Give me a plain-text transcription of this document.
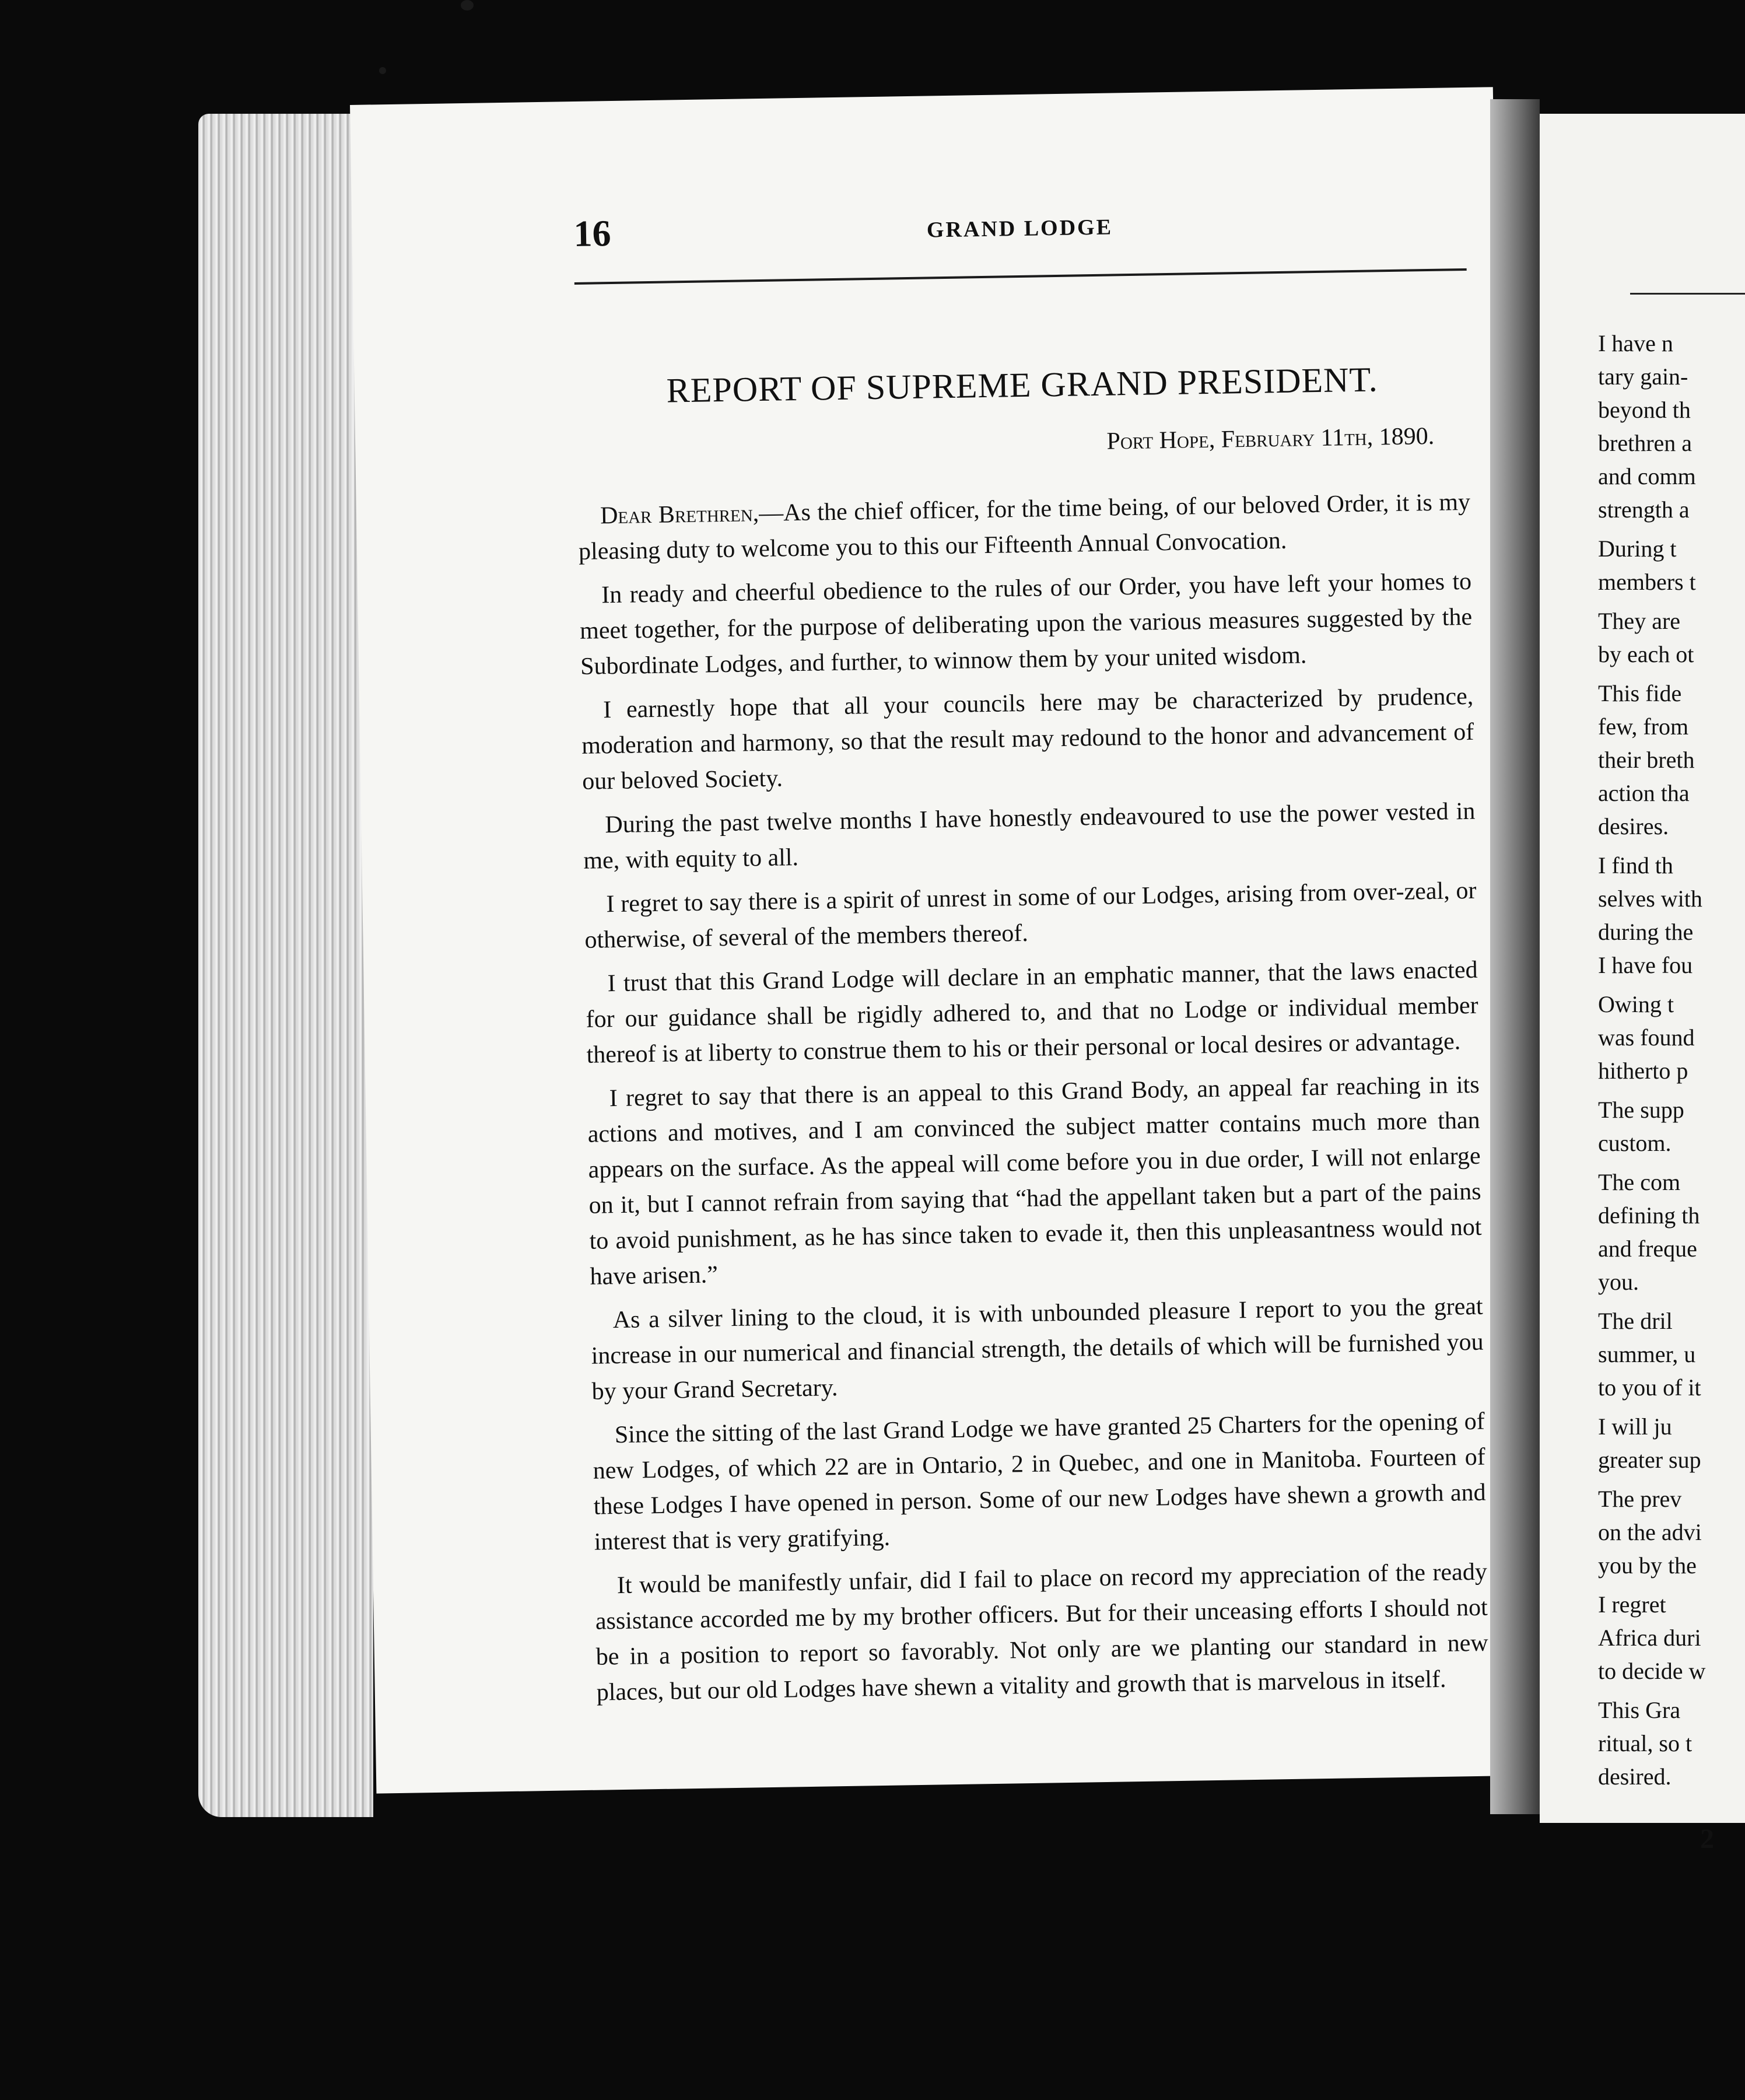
16	GRAND LODGE
REPORT OF SUPREME GRAND PRESIDENT.
Port Hope, February 11th, 1890.

Dear Brethren,—As the chief officer, for the time being, of our beloved Order, it is my pleasing duty to welcome you to this our Fifteenth Annual Convocation.

In ready and cheerful obedience to the rules of our Order, you have left your homes to meet together, for the purpose of deliberating upon the various measures suggested by the Subordinate Lodges, and further, to winnow them by your united wisdom.

I earnestly hope that all your councils here may be characterized by prudence, moderation and harmony, so that the result may redound to the honor and advancement of our beloved Society.

During the past twelve months I have honestly endeavoured to use the power vested in me, with equity to all.

I regret to say there is a spirit of unrest in some of our Lodges, arising from over-zeal, or otherwise, of several of the members thereof.

I trust that this Grand Lodge will declare in an emphatic manner, that the laws enacted for our guidance shall be rigidly adhered to, and that no Lodge or individual member thereof is at liberty to construe them to his or their personal or local desires or advantage.

I regret to say that there is an appeal to this Grand Body, an appeal far reaching in its actions and motives, and I am convinced the subject matter contains much more than appears on the surface. As the appeal will come before you in due order, I will not enlarge on it, but I cannot refrain from saying that “had the appellant taken but a part of the pains to avoid punishment, as he has since taken to evade it, then this unpleasantness would not have arisen.”

As a silver lining to the cloud, it is with unbounded pleasure I report to you the great increase in our numerical and financial strength, the details of which will be furnished you by your Grand Secretary.

Since the sitting of the last Grand Lodge we have granted 25 Charters for the opening of new Lodges, of which 22 are in Ontario, 2 in Quebec, and one in Manitoba. Fourteen of these Lodges I have opened in person. Some of our new Lodges have shewn a growth and interest that is very gratifying.

It would be manifestly unfair, did I fail to place on record my appreciation of the ready assistance accorded me by my brother officers. But for their unceasing efforts I should not be in a position to report so favorably. Not only are we planting our standard in new places, but our old Lodges have shewn a vitality and growth that is marvelous in itself.

I have n
tary gain-
beyond th
brethren a
and comm
strength a
During t
members t
They are
by each ot
This fide
few, from
their breth
action tha
desires.
I find th
selves with
during the
I have fou
Owing t
was found
hitherto p
The supp
custom.
The com
defining th
and freque
you.
The dril
summer, u
to you of it
I will ju
greater sup
The prev
on the advi
you by the
I regret
Africa duri
to decide w
This Gra
ritual, so t
desired.
2
